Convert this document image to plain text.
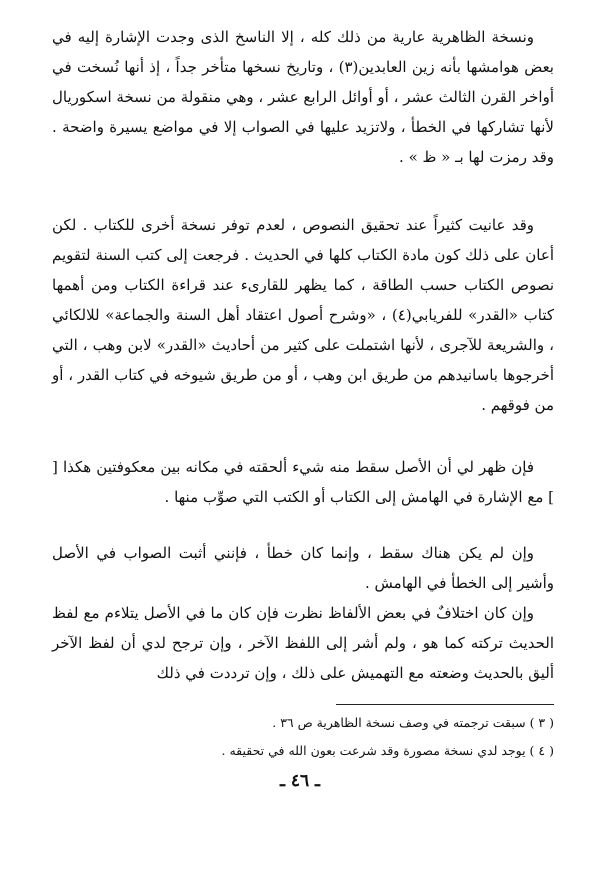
ونسخة الظاهرية عارية من ذلك كله ، إلا الناسخ الذى وجدت الإشارة إليه في بعض هوامشها بأنه زين العابدين(٣) ، وتاريخ نسخها متأخر جداً ، إذ أنها نُسخت في أواخر القرن الثالث عشر ، أو أوائل الرابع عشر ، وهي منقولة من نسخة اسكوريال لأنها تشاركها في الخطأ ، ولاتزيد عليها في الصواب إلا في مواضع يسيرة واضحة . وقد رمزت لها بـ « ظ » .

وقد عانيت كثيراً عند تحقيق النصوص ، لعدم توفر نسخة أخرى للكتاب . لكن أعان على ذلك كون مادة الكتاب كلها في الحديث . فرجعت إلى كتب السنة لتقويم نصوص الكتاب حسب الطاقة ، كما يظهر للقارىء عند قراءة الكتاب ومن أهمها كتاب «القدر» للفريابي(٤) ، «وشرح أصول اعتقاد أهل السنة والجماعة» للالكائي ، والشريعة للآجرى ، لأنها اشتملت على كثير من أحاديث «القدر» لابن وهب ، التي أخرجوها باسانيدهم من طريق ابن وهب ، أو من طريق شيوخه في كتاب القدر ، أو من فوقهم .

فإن ظهر لي أن الأصل سقط منه شيء ألحقته في مكانه بين معكوفتين هكذا [ ] مع الإشارة في الهامش إلى الكتاب أو الكتب التي صوِّب منها .

وإن لم يكن هناك سقط ، وإنما كان خطأ ، فإنني أثبت الصواب في الأصل وأشير إلى الخطأ في الهامش .

وإن كان اختلافٌ في بعض الألفاظ نظرت فإن كان ما في الأصل يتلاءم مع لفظ الحديث تركته كما هو ، ولم أشر إلى اللفظ الآخر ، وإن ترجح لدي أن لفظ الآخر أليق بالحديث وضعته مع التهميش على ذلك ، وإن ترددت في ذلك

( ٣ ) سبقت ترجمته في وصف نسخة الظاهرية ص ٣٦ .
( ٤ ) يوجد لدي نسخة مصورة وقد شرعت بعون الله في تحقيقه .
ـ ٤٦ ـ
